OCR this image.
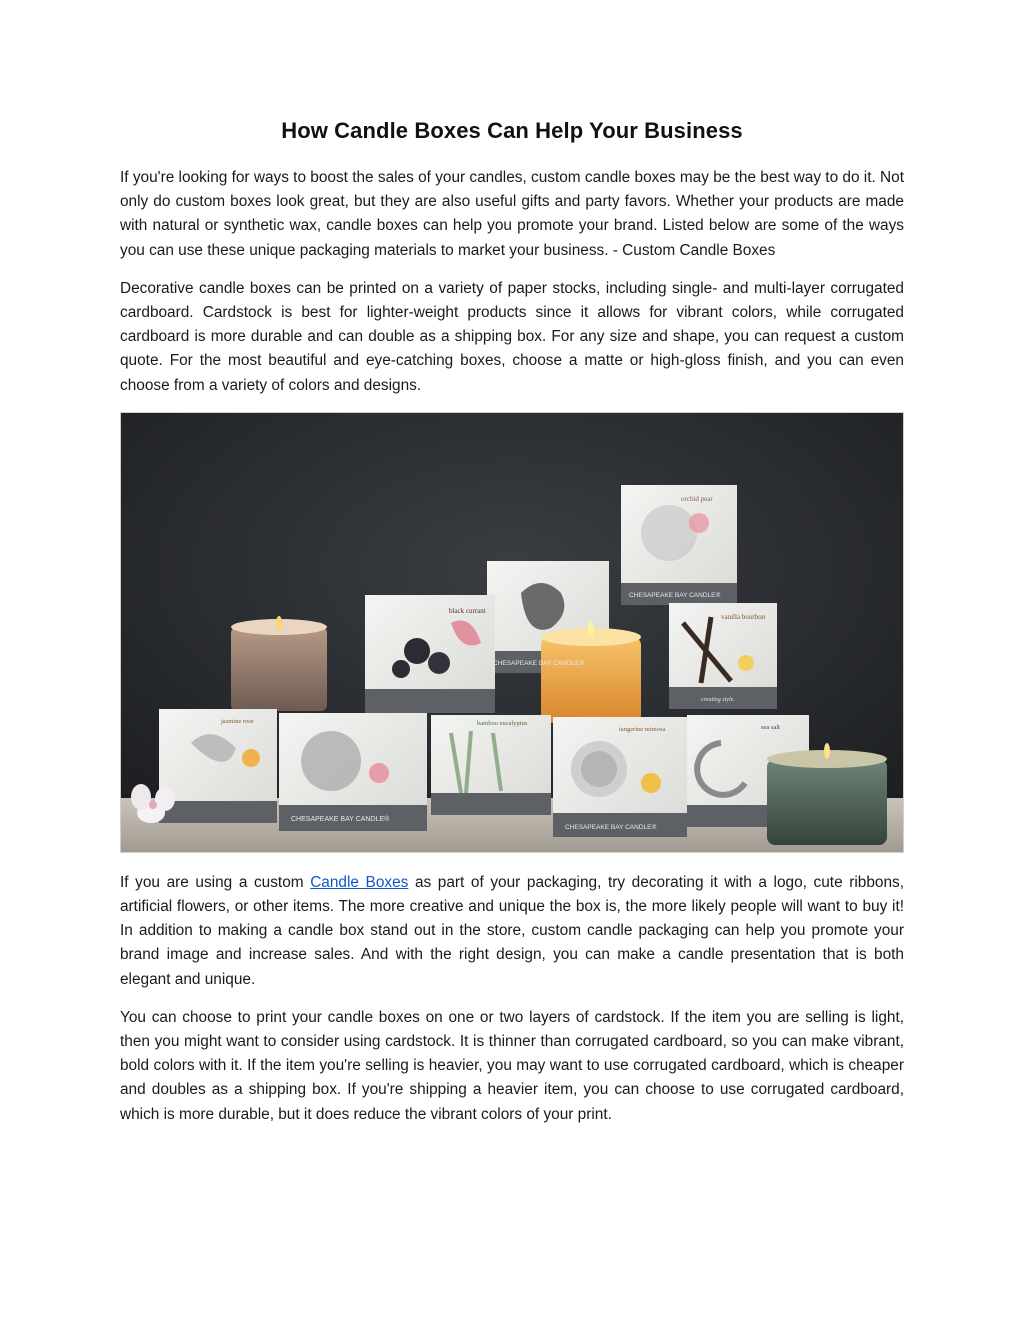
How Candle Boxes Can Help Your Business

If you're looking for ways to boost the sales of your candles, custom candle boxes may be the best way to do it. Not only do custom boxes look great, but they are also useful gifts and party favors. Whether your products are made with natural or synthetic wax, candle boxes can help you promote your brand. Listed below are some of the ways you can use these unique packaging materials to market your business. - Custom Candle Boxes

Decorative candle boxes can be printed on a variety of paper stocks, including single- and multi-layer corrugated cardboard. Cardstock is best for lighter-weight products since it allows for vibrant colors, while corrugated cardboard is more durable and can double as a shipping box. For any size and shape, you can request a custom quote. For the most beautiful and eye-catching boxes, choose a matte or high-gloss finish, and you can even choose from a variety of colors and designs.

orchid pear
CHESAPEAKE BAY CANDLE®
black currant
vanilla bourbon
jasmine rose
CHESAPEAKE BAY CANDLE®
bamboo eucalyptus
tangerine mimosa
CHESAPEAKE BAY CANDLE®
sea salt
CHESAPEAKE BAY CANDLE®
creating style.

If you are using a custom Candle Boxes as part of your packaging, try decorating it with a logo, cute ribbons, artificial flowers, or other items. The more creative and unique the box is, the more likely people will want to buy it! In addition to making a candle box stand out in the store, custom candle packaging can help you promote your brand image and increase sales. And with the right design, you can make a candle presentation that is both elegant and unique.

You can choose to print your candle boxes on one or two layers of cardstock. If the item you are selling is light, then you might want to consider using cardstock. It is thinner than corrugated cardboard, so you can make vibrant, bold colors with it. If the item you're selling is heavier, you may want to use corrugated cardboard, which is cheaper and doubles as a shipping box. If you're shipping a heavier item, you can choose to use corrugated cardboard, which is more durable, but it does reduce the vibrant colors of your print.
